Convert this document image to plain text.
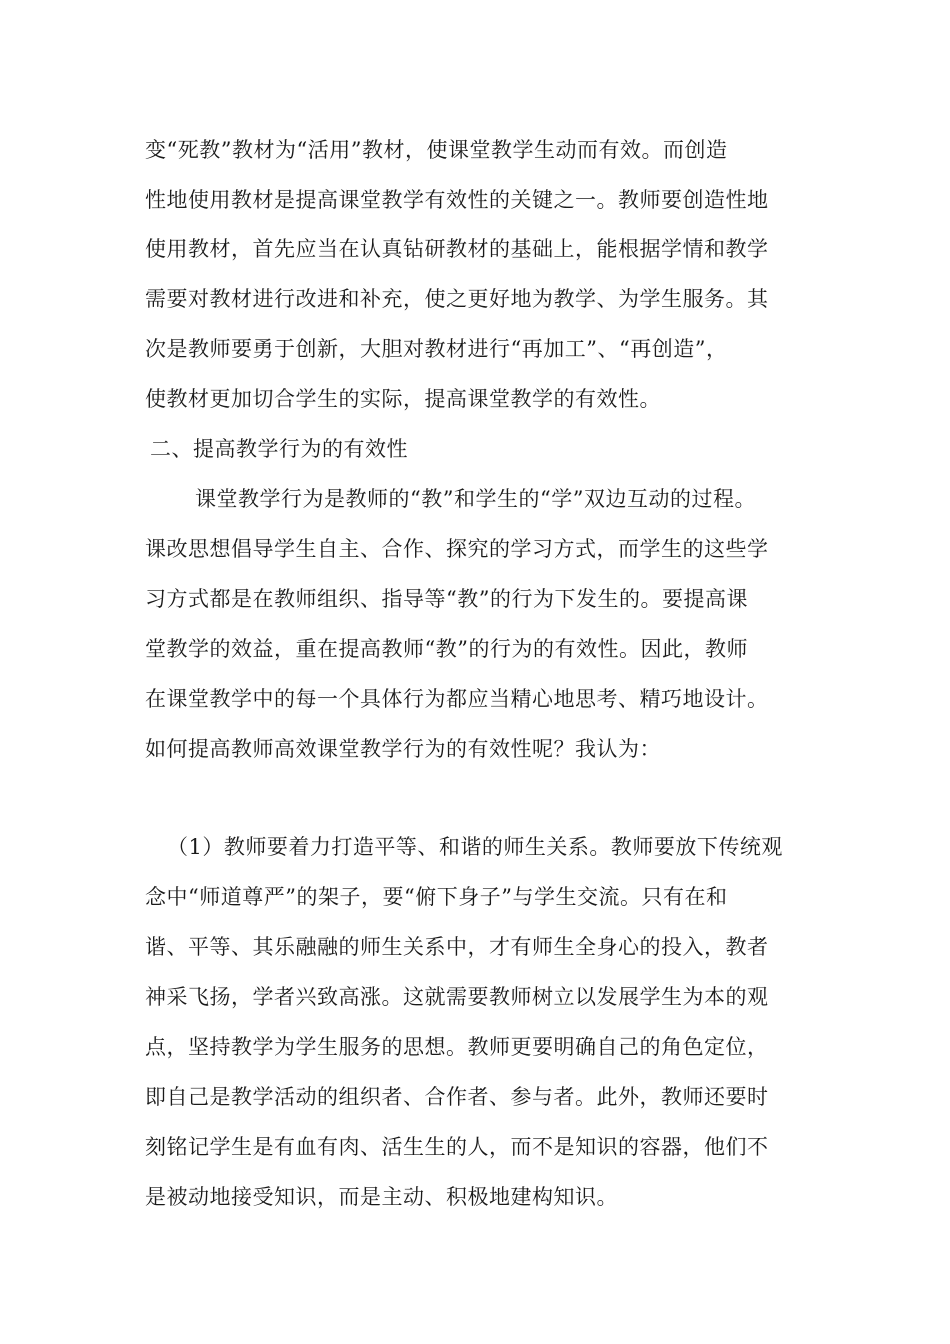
变“死教”教材为“活用”教材，使课堂教学生动而有效。而创造
性地使用教材是提高课堂教学有效性的关键之一。教师要创造性地
使用教材，首先应当在认真钻研教材的基础上，能根据学情和教学
需要对教材进行改进和补充，使之更好地为教学、为学生服务。其
次是教师要勇于创新，大胆对教材进行“再加工”、“再创造”，
使教材更加切合学生的实际，提高课堂教学的有效性。
二、提高教学行为的有效性
课堂教学行为是教师的“教”和学生的“学”双边互动的过程。
课改思想倡导学生自主、合作、探究的学习方式，而学生的这些学
习方式都是在教师组织、指导等“教”的行为下发生的。要提高课
堂教学的效益，重在提高教师“教”的行为的有效性。因此，教师
在课堂教学中的每一个具体行为都应当精心地思考、精巧地设计。
如何提高教师高效课堂教学行为的有效性呢？我认为：
（1）教师要着力打造平等、和谐的师生关系。教师要放下传统观
念中“师道尊严”的架子，要“俯下身子”与学生交流。只有在和
谐、平等、其乐融融的师生关系中，才有师生全身心的投入，教者
神采飞扬，学者兴致高涨。这就需要教师树立以发展学生为本的观
点，坚持教学为学生服务的思想。教师更要明确自己的角色定位，
即自己是教学活动的组织者、合作者、参与者。此外，教师还要时
刻铭记学生是有血有肉、活生生的人，而不是知识的容器，他们不
是被动地接受知识，而是主动、积极地建构知识。
